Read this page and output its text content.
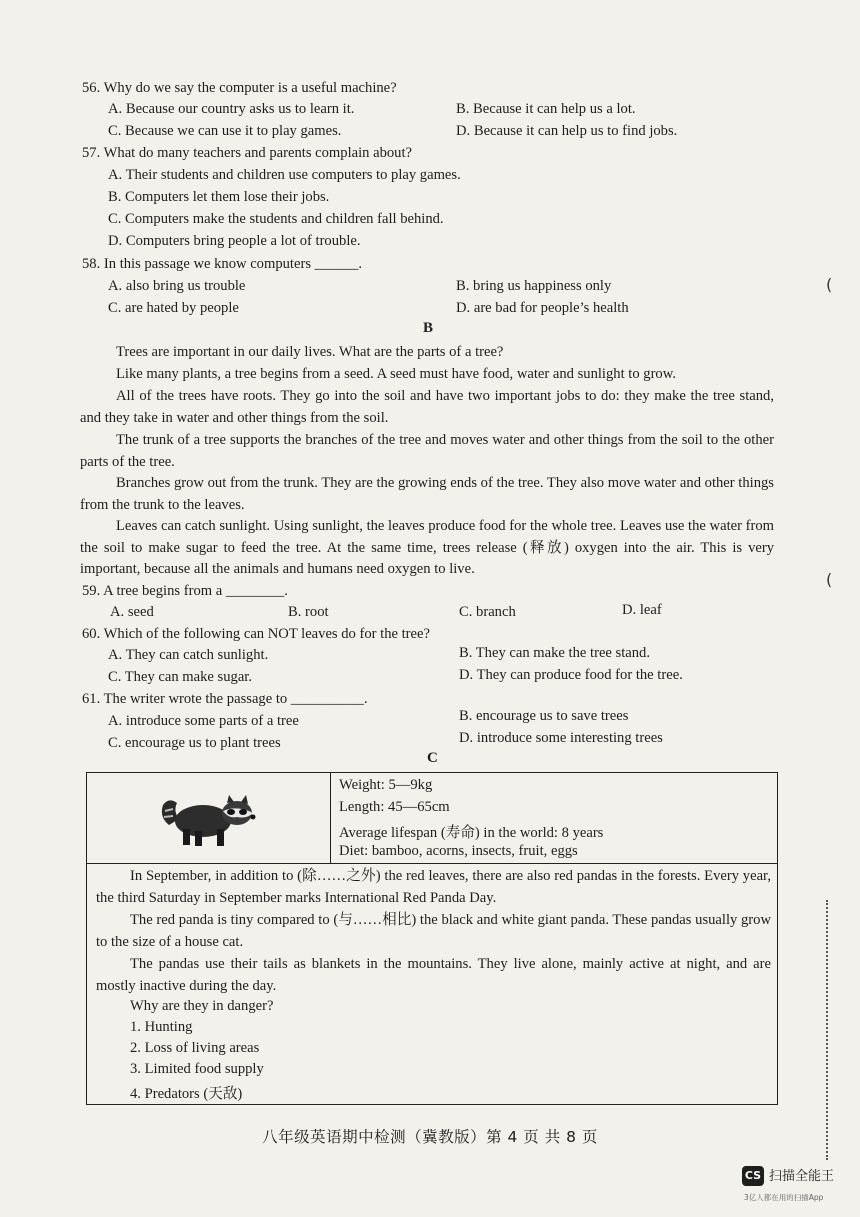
56. Why do we say the computer is a useful machine?
A. Because our country asks us to learn it.	B. Because it can help us a lot.
C. Because we can use it to play games.	D. Because it can help us to find jobs.
57. What do many teachers and parents complain about?
A. Their students and children use computers to play games.
B. Computers let them lose their jobs.
C. Computers make the students and children fall behind.
D. Computers bring people a lot of trouble.
58. In this passage we know computers ______.
A. also bring us trouble	B. bring us happiness only
C. are hated by people	D. are bad for people’s health
B
Trees are important in our daily lives. What are the parts of a tree?
Like many plants, a tree begins from a seed. A seed must have food, water and sunlight to grow.
All of the trees have roots. They go into the soil and have two important jobs to do: they make the tree stand, and they take in water and other things from the soil.
The trunk of a tree supports the branches of the tree and moves water and other things from the soil to the other parts of the tree.
Branches grow out from the trunk. They are the growing ends of the tree. They also move water and other things from the trunk to the leaves.
Leaves can catch sunlight. Using sunlight, the leaves produce food for the whole tree. Leaves use the water from the soil to make sugar to feed the tree. At the same time, trees release (释放) oxygen into the air. This is very important, because all the animals and humans need oxygen to live.
59. A tree begins from a ________.
A. seed	B. root	C. branch	D. leaf
60. Which of the following can NOT leaves do for the tree?
A. They can catch sunlight.	B. They can make the tree stand.
C. They can make sugar.	D. They can produce food for the tree.
61. The writer wrote the passage to __________.
A. introduce some parts of a tree	B. encourage us to save trees
C. encourage us to plant trees	D. introduce some interesting trees
C
Weight: 5—9kg
Length: 45—65cm
Average lifespan (寿命) in the world: 8 years
Diet: bamboo, acorns, insects, fruit, eggs
In September, in addition to (除……之外) the red leaves, there are also red pandas in the forests. Every year, the third Saturday in September marks International Red Panda Day.
The red panda is tiny compared to (与……相比) the black and white giant panda. These pandas usually grow to the size of a house cat.
The pandas use their tails as blankets in the mountains. They live alone, mainly active at night, and are mostly inactive during the day.
Why are they in danger?
1. Hunting
2. Loss of living areas
3. Limited food supply
4. Predators (天敌)
八年级英语期中检测（冀教版）第 4 页 共 8 页
(
(
CS 扫描全能王
3亿人都在用的扫描App
